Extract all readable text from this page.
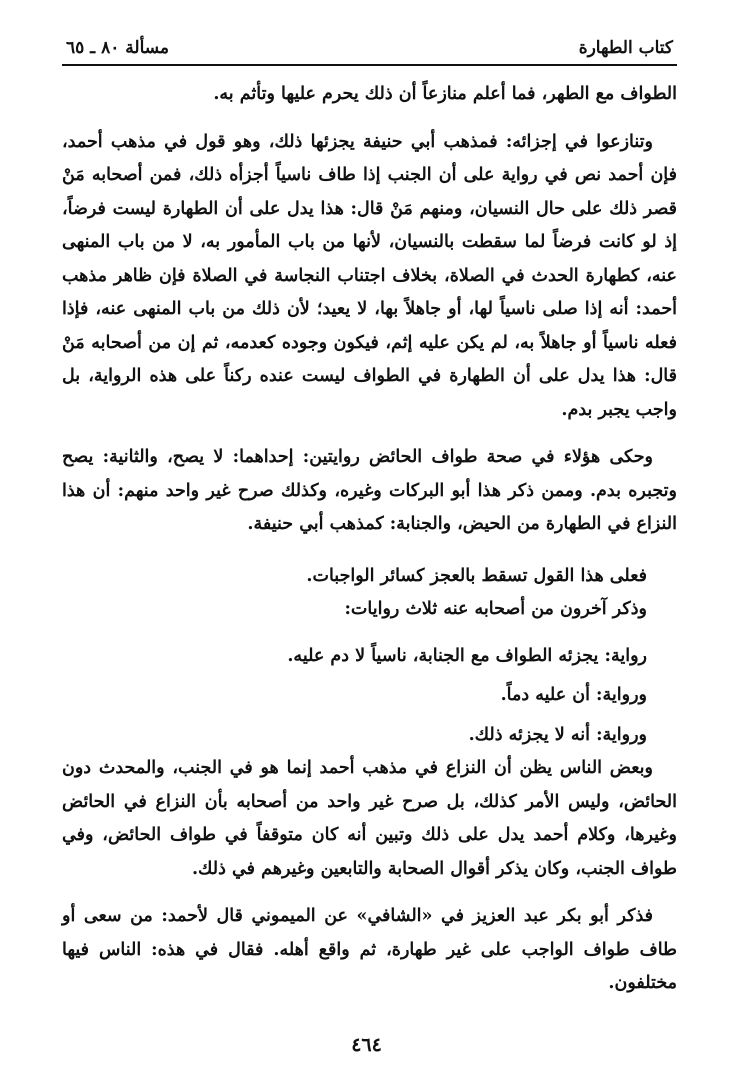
كتاب الطهارة
مسألة ٨٠ ـ ٦٥

الطواف مع الطهر، فما أعلم منازعاً أن ذلك يحرم عليها وتأثم به.

وتنازعوا في إجزائه: فمذهب أبي حنيفة يجزئها ذلك، وهو قول في مذهب أحمد، فإن أحمد نص في رواية على أن الجنب إذا طاف ناسياً أجزأه ذلك، فمن أصحابه مَنْ قصر ذلك على حال النسيان، ومنهم مَنْ قال: هذا يدل على أن الطهارة ليست فرضاً، إذ لو كانت فرضاً لما سقطت بالنسيان، لأنها من باب المأمور به، لا من باب المنهى عنه، كطهارة الحدث في الصلاة، بخلاف اجتناب النجاسة في الصلاة فإن ظاهر مذهب أحمد: أنه إذا صلى ناسياً لها، أو جاهلاً بها، لا يعيد؛ لأن ذلك من باب المنهى عنه، فإذا فعله ناسياً أو جاهلاً به، لم يكن عليه إثم، فيكون وجوده كعدمه، ثم إن من أصحابه مَنْ قال: هذا يدل على أن الطهارة في الطواف ليست عنده ركناً على هذه الرواية، بل واجب يجبر بدم.

وحكى هؤلاء في صحة طواف الحائض روايتين: إحداهما: لا يصح، والثانية: يصح وتجبره بدم. وممن ذكر هذا أبو البركات وغيره، وكذلك صرح غير واحد منهم: أن هذا النزاع في الطهارة من الحيض، والجنابة: كمذهب أبي حنيفة.

فعلى هذا القول تسقط بالعجز كسائر الواجبات.

وذكر آخرون من أصحابه عنه ثلاث روايات:

رواية: يجزئه الطواف مع الجنابة، ناسياً لا دم عليه.

ورواية: أن عليه دماً.

ورواية: أنه لا يجزئه ذلك.

وبعض الناس يظن أن النزاع في مذهب أحمد إنما هو في الجنب، والمحدث دون الحائض، وليس الأمر كذلك، بل صرح غير واحد من أصحابه بأن النزاع في الحائض وغيرها، وكلام أحمد يدل على ذلك وتبين أنه كان متوقفاً في طواف الحائض، وفي طواف الجنب، وكان يذكر أقوال الصحابة والتابعين وغيرهم في ذلك.

فذكر أبو بكر عبد العزيز في «الشافي» عن الميموني قال لأحمد: من سعى أو طاف طواف الواجب على غير طهارة، ثم واقع أهله. فقال في هذه: الناس فيها مختلفون.

٤٦٤
